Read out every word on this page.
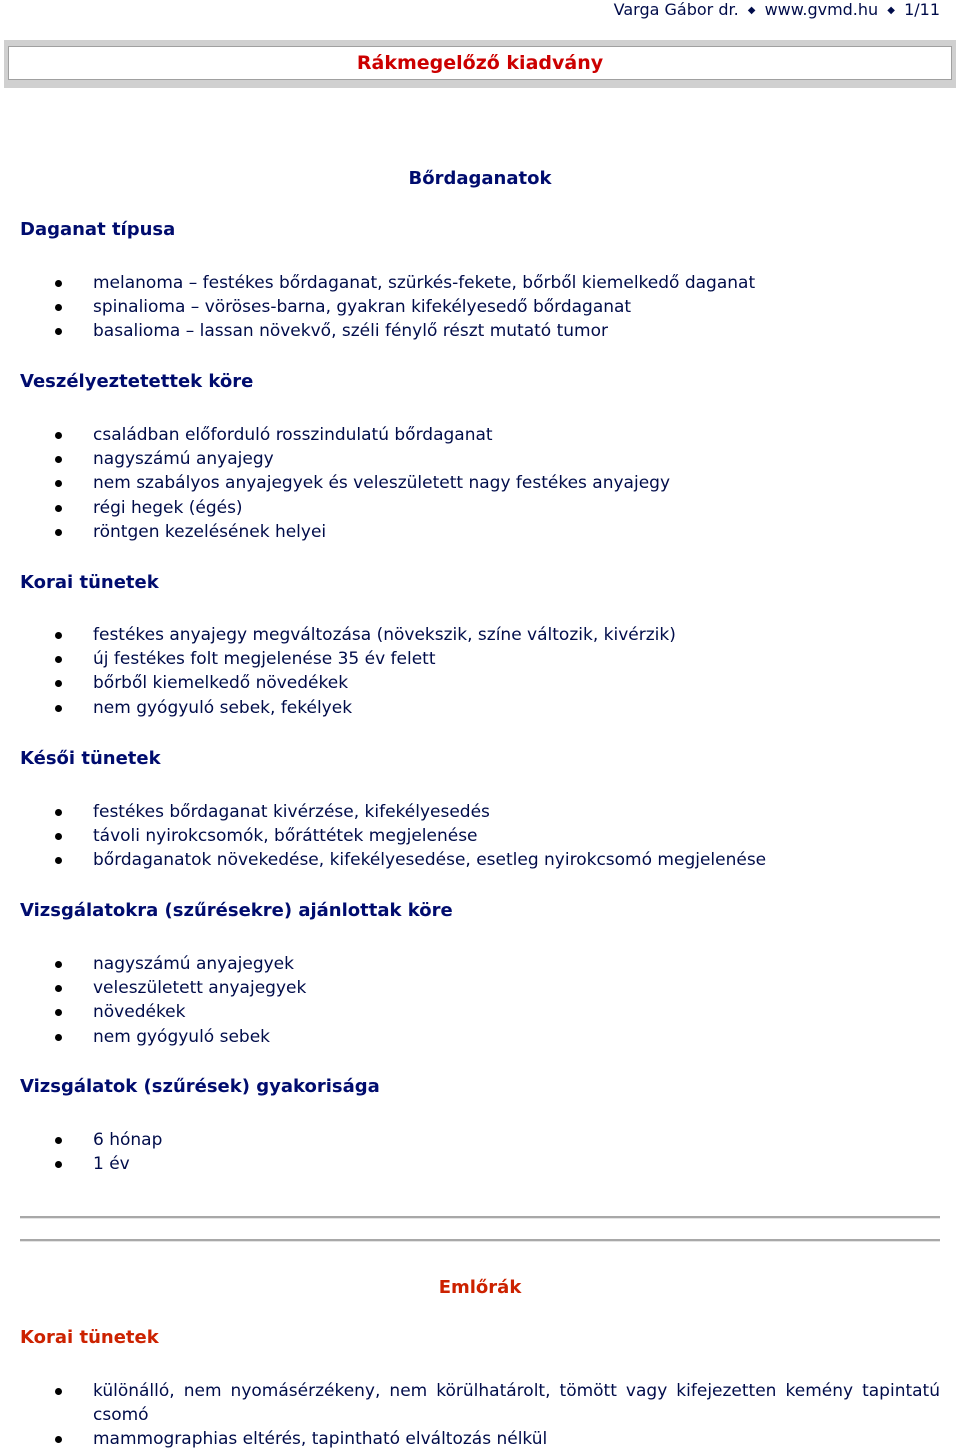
Varga Gábor dr. ◆ www.gvmd.hu ◆ 1/11
Rákmegelőző kiadvány
Bőrdaganatok
Daganat típusa
melanoma – festékes bőrdaganat, szürkés-fekete, bőrből kiemelkedő daganat
spinalioma – vöröses-barna, gyakran kifekélyesedő bőrdaganat
basalioma – lassan növekvő, széli fénylő részt mutató tumor
Veszélyeztetettek köre
családban előforduló rosszindulatú bőrdaganat
nagyszámú anyajegy
nem szabályos anyajegyek és veleszületett nagy festékes anyajegy
régi hegek (égés)
röntgen kezelésének helyei
Korai tünetek
festékes anyajegy megváltozása (növekszik, színe változik, kivérzik)
új festékes folt megjelenése 35 év felett
bőrből kiemelkedő növedékek
nem gyógyuló sebek, fekélyek
Késői tünetek
festékes bőrdaganat kivérzése, kifekélyesedés
távoli nyirokcsomók, bőráttétek megjelenése
bőrdaganatok növekedése, kifekélyesedése, esetleg nyirokcsomó megjelenése
Vizsgálatokra (szűrésekre) ajánlottak köre
nagyszámú anyajegyek
veleszületett anyajegyek
növedékek
nem gyógyuló sebek
Vizsgálatok (szűrések) gyakorisága
6 hónap
1 év
Emlőrák
Korai tünetek
különálló, nem nyomásérzékeny, nem körülhatárolt, tömött vagy kifejezetten kemény tapintatú csomó
mammographias eltérés, tapintható elváltozás nélkül
